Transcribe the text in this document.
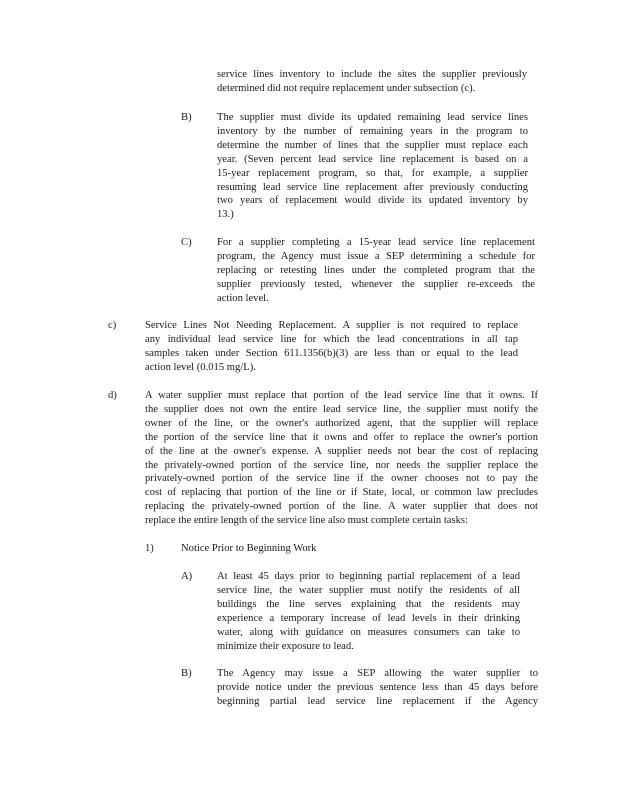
service lines inventory to include the sites the supplier previously
determined did not require replacement under subsection (c).
B) The supplier must divide its updated remaining lead service lines
inventory by the number of remaining years in the program to
determine the number of lines that the supplier must replace each
year. (Seven percent lead service line replacement is based on a
15-year replacement program, so that, for example, a supplier
resuming lead service line replacement after previously conducting
two years of replacement would divide its updated inventory by
13.)
C) For a supplier completing a 15-year lead service line replacement
program, the Agency must issue a SEP determining a schedule for
replacing or retesting lines under the completed program that the
supplier previously tested, whenever the supplier re-exceeds the
action level.
c)	Service Lines Not Needing Replacement. A supplier is not required to replace
any individual lead service line for which the lead concentrations in all tap
samples taken under Section 611.1356(b)(3) are less than or equal to the lead
action level (0.015 mg/L).
d)	A water supplier must replace that portion of the lead service line that it owns. If
the supplier does not own the entire lead service line, the supplier must notify the
owner of the line, or the owner's authorized agent, that the supplier will replace
the portion of the service line that it owns and offer to replace the owner's portion
of the line at the owner's expense. A supplier needs not bear the cost of replacing
the privately-owned portion of the service line, nor needs the supplier replace the
privately-owned portion of the service line if the owner chooses not to pay the
cost of replacing that portion of the line or if State, local, or common law precludes
replacing the privately-owned portion of the line. A water supplier that does not
replace the entire length of the service line also must complete certain tasks:
1)	Notice Prior to Beginning Work
A) At least 45 days prior to beginning partial replacement of a lead
service line, the water supplier must notify the residents of all
buildings the line serves explaining that the residents may
experience a temporary increase of lead levels in their drinking
water, along with guidance on measures consumers can take to
minimize their exposure to lead.
B) The Agency may issue a SEP allowing the water supplier to
provide notice under the previous sentence less than 45 days before
beginning partial lead service line replacement if the Agency
